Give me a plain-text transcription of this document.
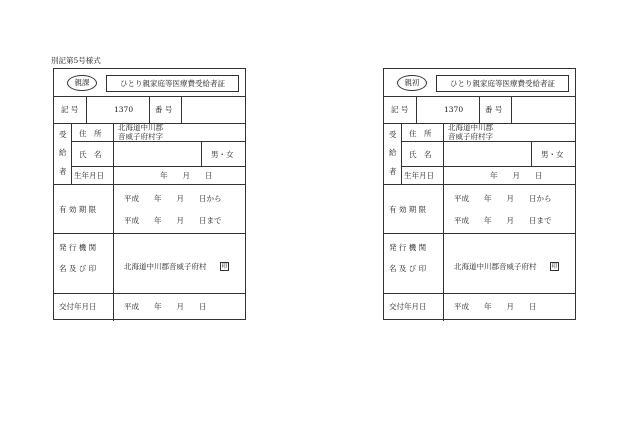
別記第5号様式
親課	ひとり親家庭等医療費受給者証
記 号	1370	番 号
受
給
者
住　所
北海道中川郡
音威子府村字
氏　名	男・女
生年月日	年　　月　　日
有 効 期 限
平成　　年　　月　　日から
平成　　年　　月　　日まで
発 行 機 関
名 及 び 印	北海道中川郡音威子府村 印
交付年月日	平成　　年　　月　　日
親初	ひとり親家庭等医療費受給者証
記 号	1370	番 号
受
給
者
住　所
北海道中川郡
音威子府村字
氏　名	男・女
生年月日	年　　月　　日
有 効 期 限
平成　　年　　月　　日から
平成　　年　　月　　日まで
発 行 機 関
名 及 び 印	北海道中川郡音威子府村 印
交付年月日	平成　　年　　月　　日
